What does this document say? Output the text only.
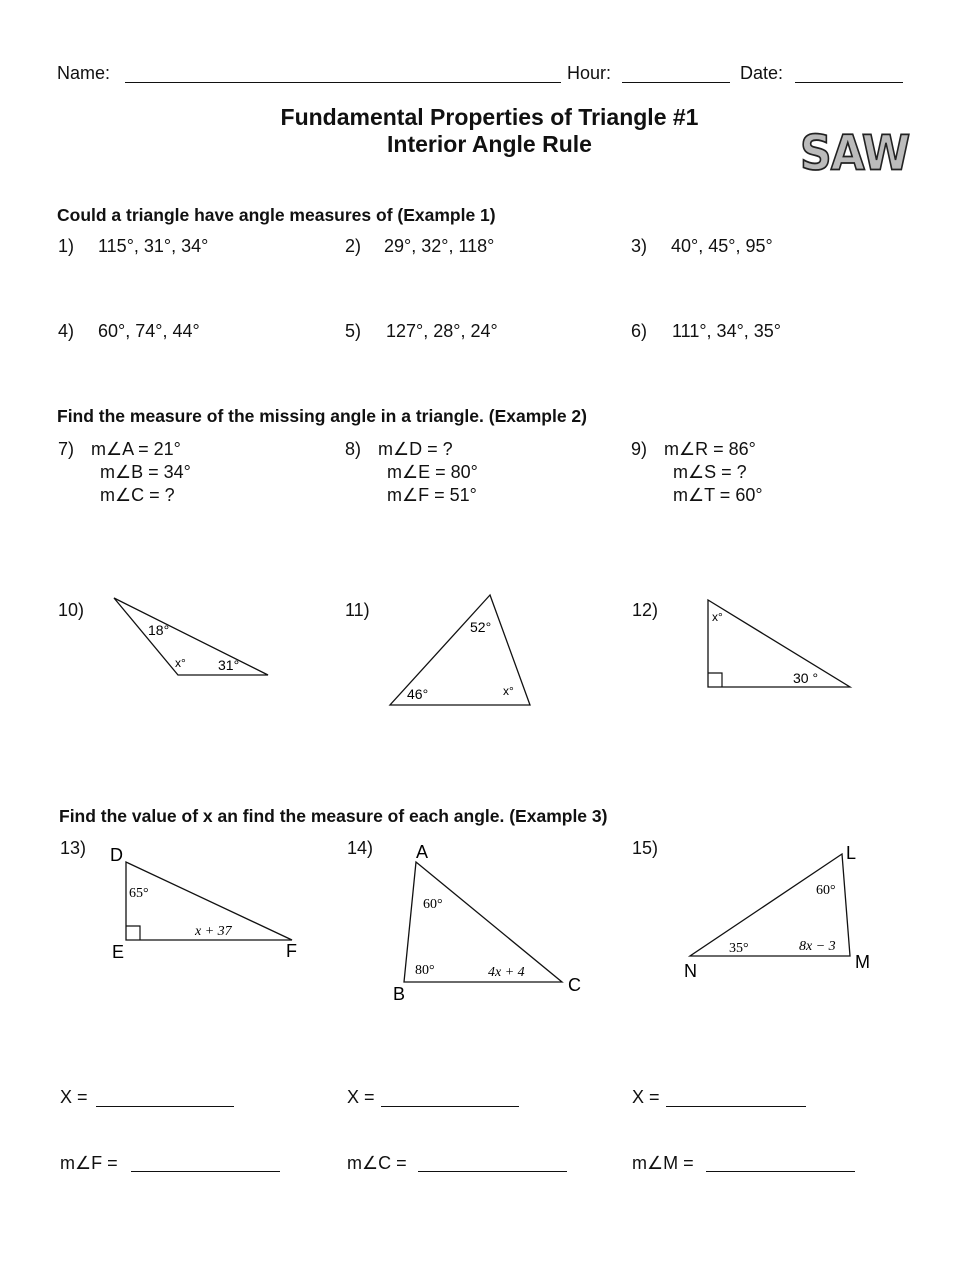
Name:	Hour:	Date:
Fundamental Properties of Triangle #1
Interior Angle Rule	SAW
Could a triangle have angle measures of (Example 1)
1) 115°, 31°, 34°	2) 29°, 32°, 118°	3) 40°, 45°, 95°
4) 60°, 74°, 44°	5) 127°, 28°, 24°	6) 111°, 34°, 35°
Find the measure of the missing angle in a triangle. (Example 2)
7) m∠A = 21°
m∠B = 34°
m∠C = ?
8) m∠D = ?
m∠E = 80°
m∠F = 51°
9) m∠R = 86°
m∠S = ?
m∠T = 60°
10)
18°
x° 31°
11)
52°
46°	x°
12)	x°
30 °
Find the value of x an find the measure of each angle. (Example 3)
13) D
E	F
65°
x + 37
14) A
B	C
60°
80°	4x + 4
15)	L
N	M
60°
35°	8x − 3
X =	X =	X =
m∠F =	m∠C =	m∠M =
